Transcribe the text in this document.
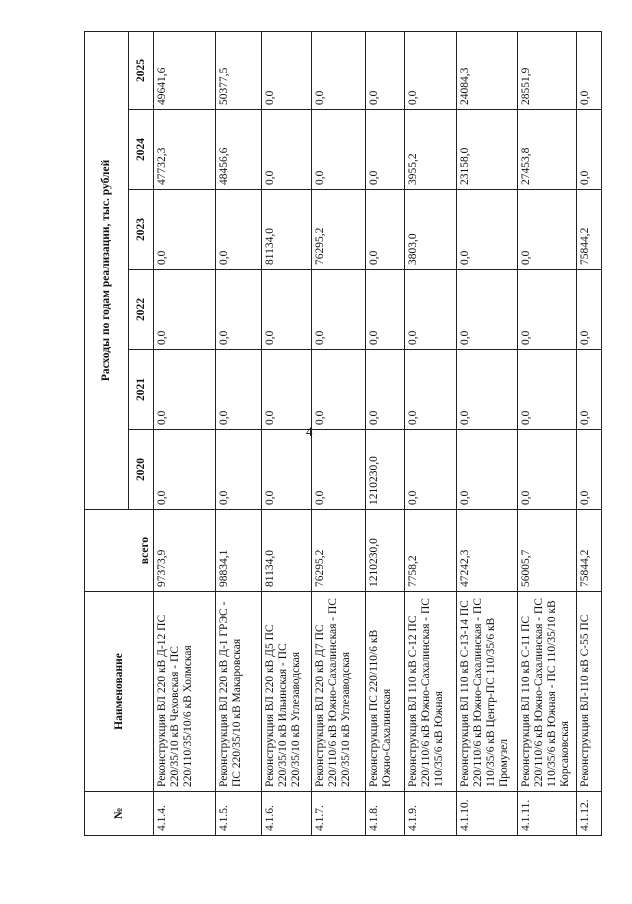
4
№	Наименование	всего	Расходы по годам реализации, тыс. рублей					
			2020	2021	2022	2023	2024	2025
4.1.4.	Реконструкция ВЛ 220 кВ Д-12 ПС 220/35/10 кВ Чеховская - ПС 220/110/35/10/6 кВ Холмская	97373,9	0,0	0,0	0,0	0,0	47732,3	49641,6
4.1.5.	Реконструкция ВЛ 220 кВ Д-1 ГРЭС - ПС 220/35/10 кВ Макаровская	98834,1	0,0	0,0	0,0	0,0	48456,6	50377,5
4.1.6.	Реконструкция ВЛ 220 кВ Д5 ПС 220/35/10 кВ Ильинская - ПС 220/35/10 кВ Углезаводская	81134,0	0,0	0,0	0,0	81134,0	0,0	0,0
4.1.7.	Реконструкция ВЛ 220 кВ Д7 ПС 220/110/6 кВ Южно-Сахалинская - ПС 220/35/10 кВ Углезаводская	76295,2	0,0	0,0	0,0	76295,2	0,0	0,0
4.1.8.	Реконструкция ПС 220/110/6 кВ Южно-Сахалинская	1210230,0	1210230,0	0,0	0,0	0,0	0,0	0,0
4.1.9.	Реконструкция ВЛ 110 кВ С-12 ПС 220/110/6 кВ Южно-Сахалинская - ПС 110/35/6 кВ Южная	7758,2	0,0	0,0	0,0	3803,0	3955,2	0,0
4.1.10.	Реконструкция ВЛ 110 кВ С-13-14 ПС 220/110/6 кВ Южно-Сахалинская - ПС 110/35/6 кВ Центр-ПС 110/35/6 кВ Промузел	47242,3	0,0	0,0	0,0	0,0	23158,0	24084,3
4.1.11.	Реконструкция ВЛ 110 кВ С-11 ПС 220/110/6 кВ Южно-Сахалинская - ПС 110/35/6 кВ Южная - ПС 110/35/10 кВ Корсаковская	56005,7	0,0	0,0	0,0	0,0	27453,8	28551,9
4.1.12.	Реконструкция ВЛ-110 кВ С-55 ПС	75844,2	0,0	0,0	0,0	75844,2	0,0	0,0
